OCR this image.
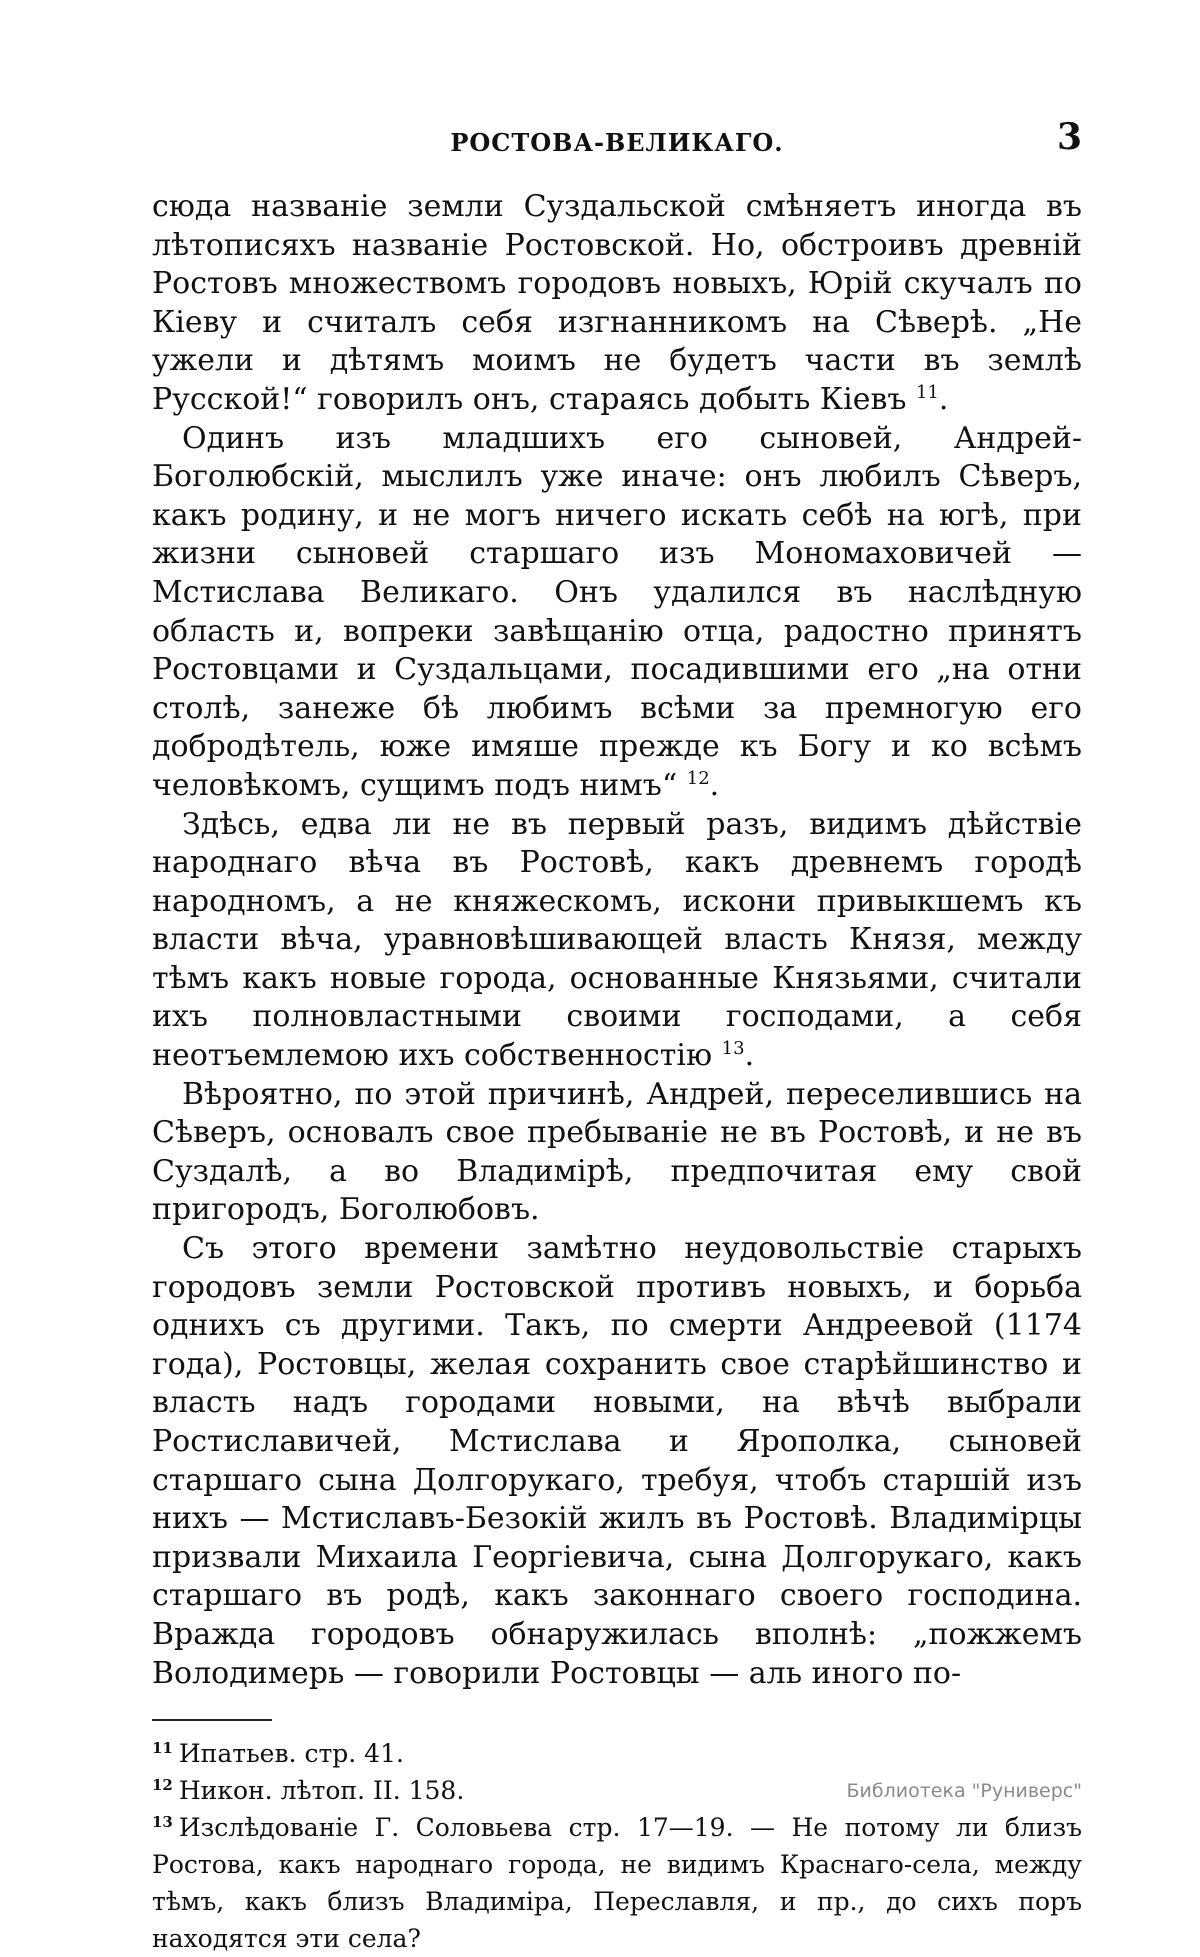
РОСТОВА-ВЕЛИКАГО.	3

сюда названіе земли Суздальской смѣняетъ иногда въ лѣтописяхъ названіе Ростовской. Но, обстроивъ древній Ростовъ множествомъ городовъ новыхъ, Юрій скучалъ по Кіеву и считалъ себя изгнанникомъ на Сѣверѣ. „Не ужели и дѣтямъ моимъ не будетъ части въ землѣ Русской!“ говорилъ онъ, стараясь добыть Кіевъ $^{11}$.

Одинъ изъ младшихъ его сыновей, Андрей-Боголюбскій, мыслилъ уже иначе: онъ любилъ Сѣверъ, какъ родину, и не могъ ничего искать себѣ на югѣ, при жизни сыновей старшаго изъ Мономаховичей — Мстислава Великаго. Онъ удалился въ наслѣдную область и, вопреки завѣщанію отца, радостно принятъ Ростовцами и Суздальцами, посадившими его „на отни столѣ, занеже бѣ любимъ всѣми за премногую его добродѣтель, юже имяше прежде къ Богу и ко всѣмъ человѣкомъ, сущимъ подъ нимъ“ $^{12}$.

Здѣсь, едва ли не въ первый разъ, видимъ дѣйствіе народнаго вѣча въ Ростовѣ, какъ древнемъ городѣ народномъ, а не княжескомъ, искони привыкшемъ къ власти вѣча, уравновѣшивающей власть Князя, между тѣмъ какъ новые города, основанные Князьями, считали ихъ полновластными своими господами, а себя неотъемлемою ихъ собственностію $^{13}$.

Вѣроятно, по этой причинѣ, Андрей, переселившись на Сѣверъ, основалъ свое пребываніе не въ Ростовѣ, и не въ Суздалѣ, а во Владимірѣ, предпочитая ему свой пригородъ, Боголюбовъ.

Съ этого времени замѣтно неудовольствіе старыхъ городовъ земли Ростовской противъ новыхъ, и борьба однихъ съ другими. Такъ, по смерти Андреевой (1174 года), Ростовцы, желая сохранить свое старѣйшинство и власть надъ городами новыми, на вѣчѣ выбрали Ростиславичей, Мстислава и Ярополка, сыновей старшаго сына Долгорукаго, требуя, чтобъ старшій изъ нихъ — Мстиславъ-Безокій жилъ въ Ростовѣ. Владимірцы призвали Михаила Георгіевича, сына Долгорукаго, какъ старшаго въ родѣ, какъ законнаго своего господина. Вражда городовъ обнаружилась вполнѣ: „пожжемъ Володимерь — говорили Ростовцы — аль иного по-

$^{11}$ Ипатьев. стр. 41.

$^{12}$ Никон. лѣтоп. II. 158.

$^{13}$ Изслѣдованіе Г. Соловьева стр. 17—19. — Не потому ли близъ Ростова, какъ народнаго города, не видимъ Краснаго-села, между тѣмъ, какъ близъ Владиміра, Переславля, и пр., до сихъ поръ находятся эти села?

Библиотека "Руниверс"
